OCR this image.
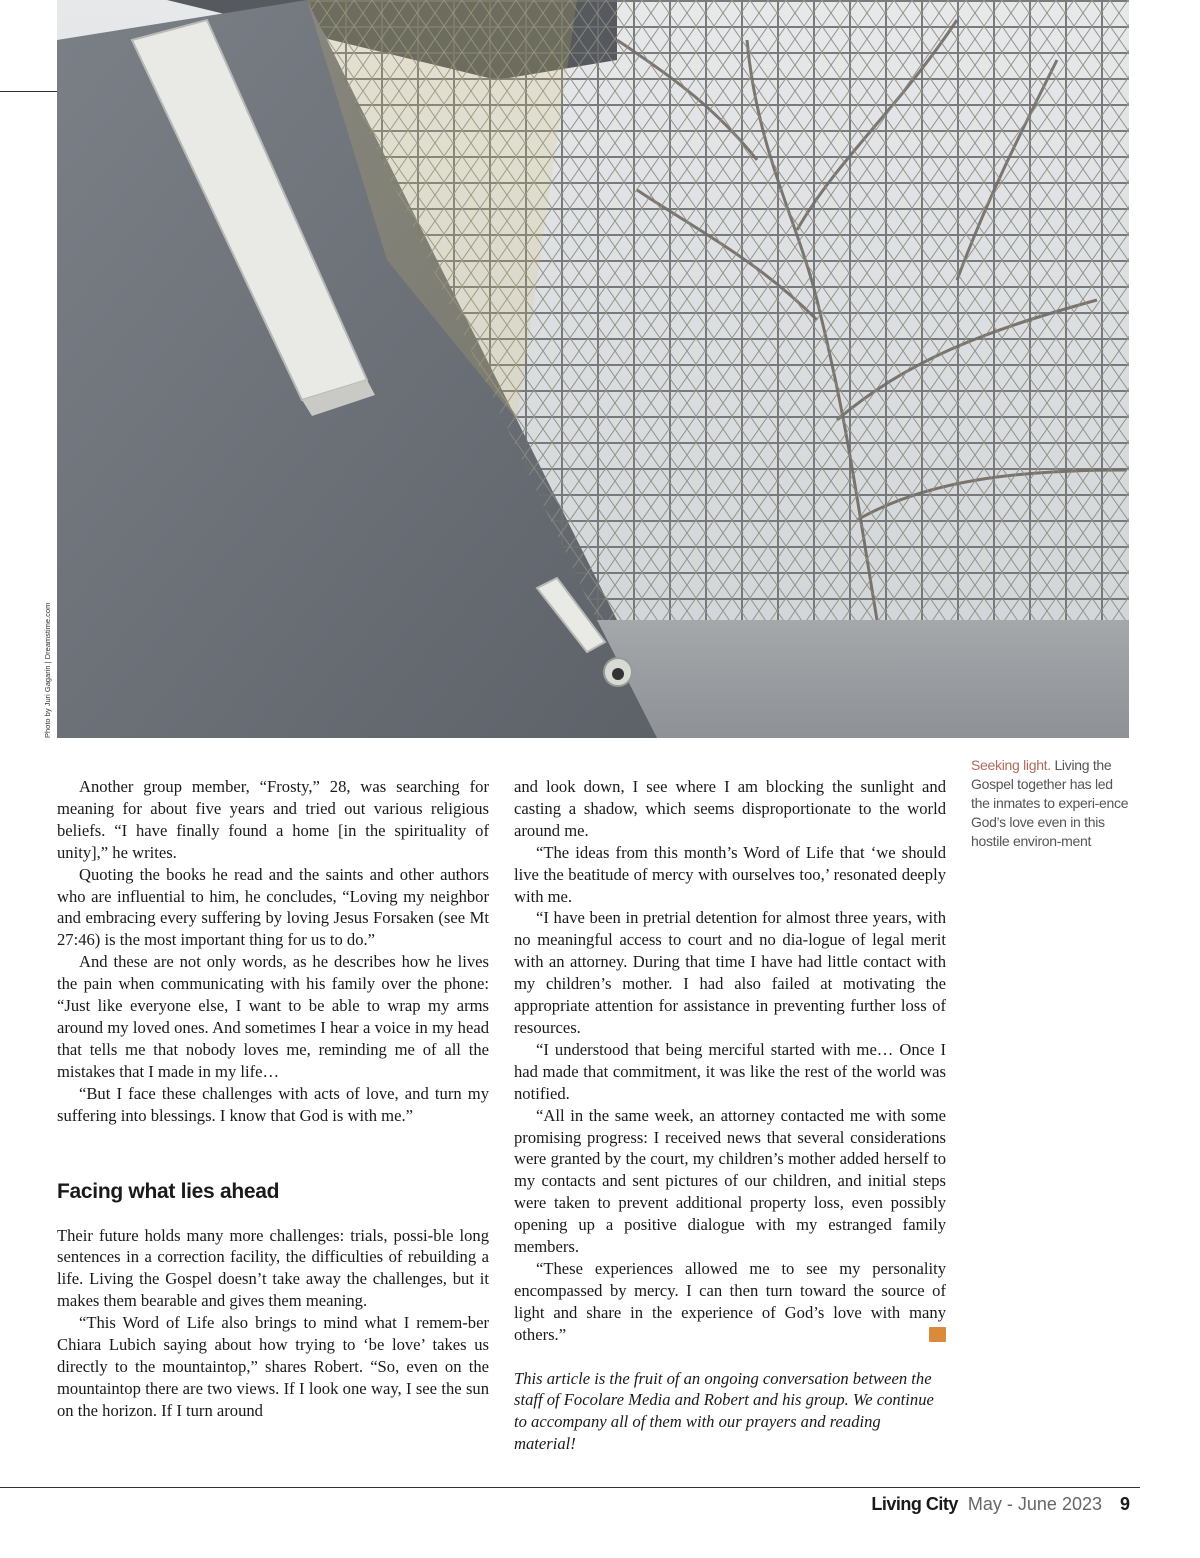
Photo by Juri Gagarin | Dreamstime.com
Seeking light. Living the Gospel together has led the inmates to experi-ence God’s love even in this hostile environ-ment

Another group member, “Frosty,” 28, was searching for meaning for about five years and tried out various religious beliefs. “I have finally found a home [in the spirituality of unity],” he writes.

Quoting the books he read and the saints and other authors who are influential to him, he concludes, “Loving my neighbor and embracing every suffering by loving Jesus Forsaken (see Mt 27:46) is the most important thing for us to do.”

And these are not only words, as he describes how he lives the pain when communicating with his family over the phone: “Just like everyone else, I want to be able to wrap my arms around my loved ones. And sometimes I hear a voice in my head that tells me that nobody loves me, reminding me of all the mistakes that I made in my life…

“But I face these challenges with acts of love, and turn my suffering into blessings. I know that God is with me.”

Facing what lies ahead

Their future holds many more challenges: trials, possi-ble long sentences in a correction facility, the difficulties of rebuilding a life. Living the Gospel doesn’t take away the challenges, but it makes them bearable and gives them meaning.

“This Word of Life also brings to mind what I remem-ber Chiara Lubich saying about how trying to ‘be love’ takes us directly to the mountaintop,” shares Robert. “So, even on the mountaintop there are two views. If I look one way, I see the sun on the horizon. If I turn around

and look down, I see where I am blocking the sunlight and casting a shadow, which seems disproportionate to the world around me.

“The ideas from this month’s Word of Life that ‘we should live the beatitude of mercy with ourselves too,’ resonated deeply with me.

“I have been in pretrial detention for almost three years, with no meaningful access to court and no dia-logue of legal merit with an attorney. During that time I have had little contact with my children’s mother. I had also failed at motivating the appropriate attention for assistance in preventing further loss of resources.

“I understood that being merciful started with me… Once I had made that commitment, it was like the rest of the world was notified.

“All in the same week, an attorney contacted me with some promising progress: I received news that several considerations were granted by the court, my children’s mother added herself to my contacts and sent pictures of our children, and initial steps were taken to prevent additional property loss, even possibly opening up a positive dialogue with my estranged family members.

“These experiences allowed me to see my personality encompassed by mercy. I can then turn toward the source of light and share in the experience of God’s love with many others.”	LC

This article is the fruit of an ongoing conversation between the staff of Focolare Media and Robert and his group. We continue to accompany all of them with our prayers and reading material!

Living City May - June 2023 9
